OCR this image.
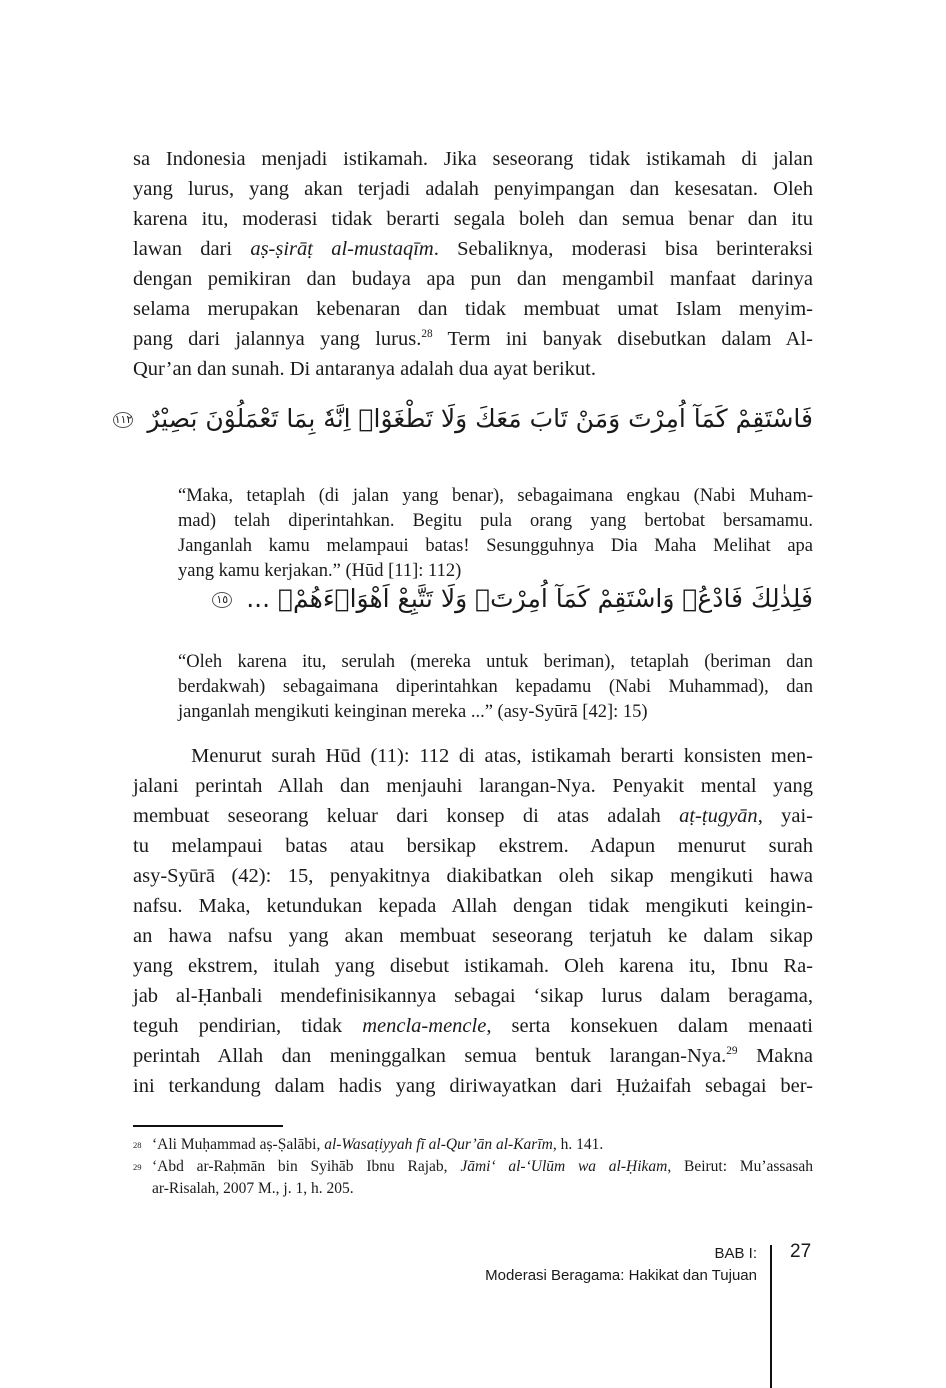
sa Indonesia menjadi istikamah. Jika seseorang tidak istikamah di jalan
yang lurus, yang akan terjadi adalah penyimpangan dan kesesatan. Oleh
karena itu, moderasi tidak berarti segala boleh dan semua benar dan itu
lawan dari aṣ-ṣirāṭ al-mustaqīm. Sebaliknya, moderasi bisa berinteraksi
dengan pemikiran dan budaya apa pun dan mengambil manfaat darinya
selama merupakan kebenaran dan tidak membuat umat Islam menyim-
pang dari jalannya yang lurus.$^{28}$ Term ini banyak disebutkan dalam Al-
Qur’an dan sunah. Di antaranya adalah dua ayat berikut.
فَاسْتَقِمْ كَمَآ اُمِرْتَ وَمَنْ تَابَ مَعَكَ وَلَا تَطْغَوْاۗ اِنَّهٗ بِمَا تَعْمَلُوْنَ بَصِيْرٌ ١١٢
“Maka, tetaplah (di jalan yang benar), sebagaimana engkau (Nabi Muham-
mad) telah diperintahkan. Begitu pula orang yang bertobat bersamamu.
Janganlah kamu melampaui batas! Sesungguhnya Dia Maha Melihat apa
yang kamu kerjakan.” (Hūd [11]: 112)
فَلِذٰلِكَ فَادْعُۚ وَاسْتَقِمْ كَمَآ اُمِرْتَۚ وَلَا تَتَّبِعْ اَهْوَاۤءَهُمْۚ ... ١٥
“Oleh karena itu, serulah (mereka untuk beriman), tetaplah (beriman dan
berdakwah) sebagaimana diperintahkan kepadamu (Nabi Muhammad), dan
janganlah mengikuti keinginan mereka ...” (asy-Syūrā [42]: 15)
Menurut surah Hūd (11): 112 di atas, istikamah berarti konsisten men-
jalani perintah Allah dan menjauhi larangan-Nya. Penyakit mental yang
membuat seseorang keluar dari konsep di atas adalah aṭ-ṭugyān, yai-
tu melampaui batas atau bersikap ekstrem. Adapun menurut surah
asy-Syūrā (42): 15, penyakitnya diakibatkan oleh sikap mengikuti hawa
nafsu. Maka, ketundukan kepada Allah dengan tidak mengikuti keingin-
an hawa nafsu yang akan membuat seseorang terjatuh ke dalam sikap
yang ekstrem, itulah yang disebut istikamah. Oleh karena itu, Ibnu Ra-
jab al-Ḥanbali mendefinisikannya sebagai ‘sikap lurus dalam beragama,
teguh pendirian, tidak mencla-mencle, serta konsekuen dalam menaati
perintah Allah dan meninggalkan semua bentuk larangan-Nya.$^{29}$ Makna
ini terkandung dalam hadis yang diriwayatkan dari Ḥużaifah sebagai ber-
28 ‘Ali Muḥammad aṣ-Ṣalābi, al-Wasaṭiyyah fī al-Qur’ān al-Karīm, h. 141.
29 ‘Abd ar-Raḥmān bin Syihāb Ibnu Rajab, Jāmi‘ al-‘Ulūm wa al-Ḥikam, Beirut: Mu’assasah
ar-Risalah, 2007 M., j. 1, h. 205.
BAB I:
Moderasi Beragama: Hakikat dan Tujuan
27
